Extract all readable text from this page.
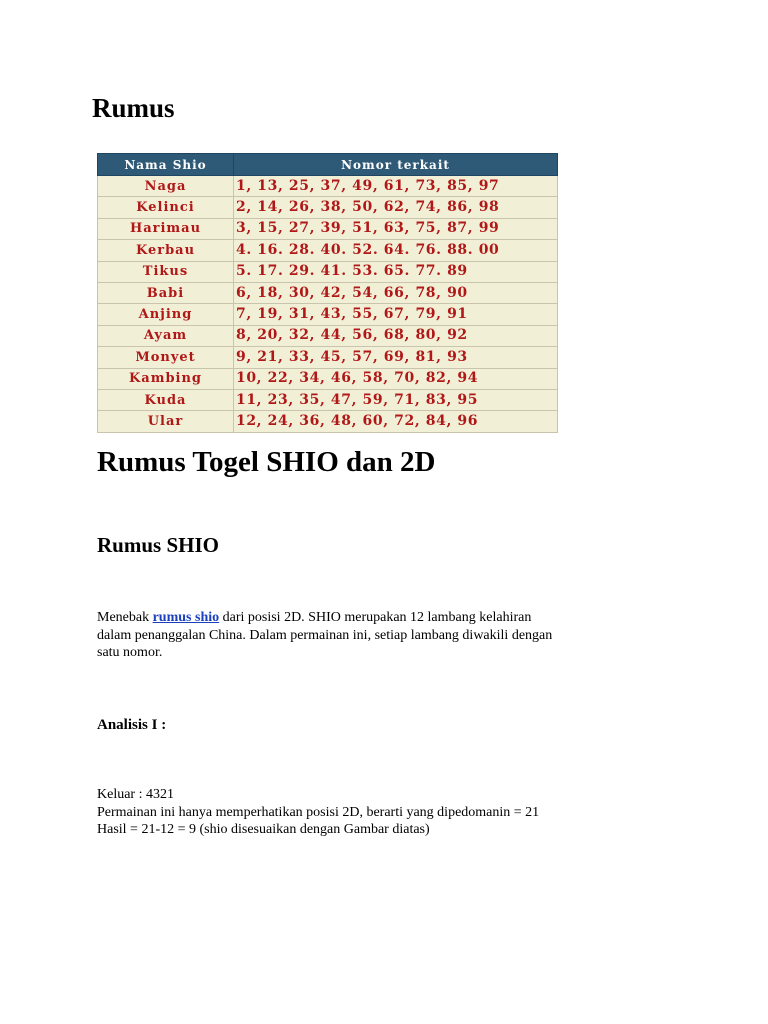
Rumus
Nama Shio	Nomor terkait
Naga	1, 13, 25, 37, 49, 61, 73, 85, 97
Kelinci	2, 14, 26, 38, 50, 62, 74, 86, 98
Harimau	3, 15, 27, 39, 51, 63, 75, 87, 99
Kerbau	4. 16. 28. 40. 52. 64. 76. 88. 00
Tikus	5. 17. 29. 41. 53. 65. 77. 89
Babi	6, 18, 30, 42, 54, 66, 78, 90
Anjing	7, 19, 31, 43, 55, 67, 79, 91
Ayam	8, 20, 32, 44, 56, 68, 80, 92
Monyet	9, 21, 33, 45, 57, 69, 81, 93
Kambing	10, 22, 34, 46, 58, 70, 82, 94
Kuda	11, 23, 35, 47, 59, 71, 83, 95
Ular	12, 24, 36, 48, 60, 72, 84, 96
Rumus Togel SHIO dan 2D
Rumus SHIO

Menebak rumus shio dari posisi 2D. SHIO merupakan 12 lambang kelahiran dalam penanggalan China. Dalam permainan ini, setiap lambang diwakili dengan satu nomor.

Analisis I :
Keluar : 4321
Permainan ini hanya memperhatikan posisi 2D, berarti yang dipedomanin = 21
Hasil = 21-12 = 9 (shio disesuaikan dengan Gambar diatas)
